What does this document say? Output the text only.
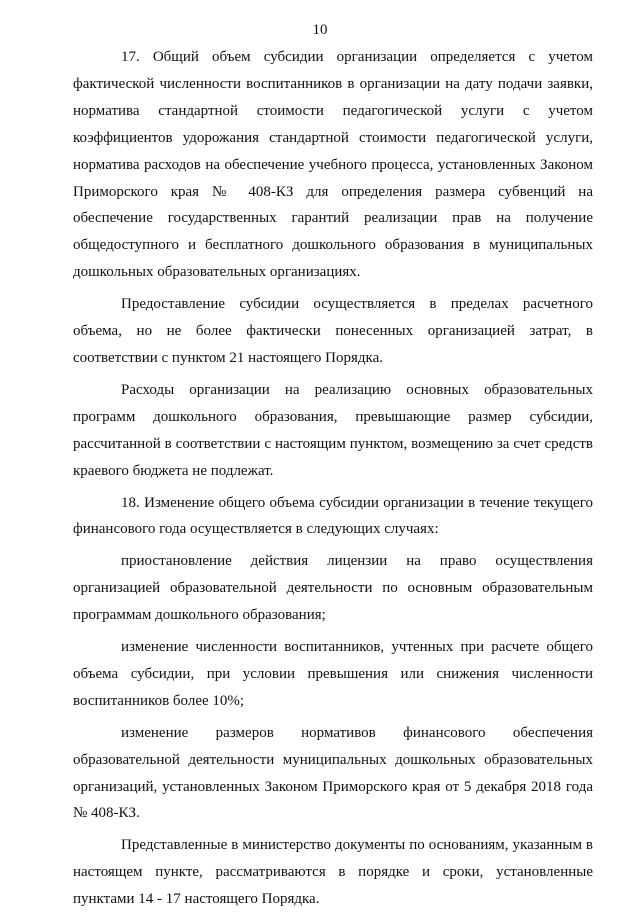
10

17. Общий объем субсидии организации определяется с учетом фактической численности воспитанников в организации на дату подачи заявки, норматива стандартной стоимости педагогической услуги с учетом коэффициентов удорожания стандартной стоимости педагогической услуги, норматива расходов на обеспечение учебного процесса, установленных Законом Приморского края № 408-КЗ для определения размера субвенций на обеспечение государственных гарантий реализации прав на получение общедоступного и бесплатного дошкольного образования в муниципальных дошкольных образовательных организациях.

Предоставление субсидии осуществляется в пределах расчетного объема, но не более фактически понесенных организацией затрат, в соответствии с пунктом 21 настоящего Порядка.

Расходы организации на реализацию основных образовательных программ дошкольного образования, превышающие размер субсидии, рассчитанной в соответствии с настоящим пунктом, возмещению за счет средств краевого бюджета не подлежат.

18. Изменение общего объема субсидии организации в течение текущего финансового года осуществляется в следующих случаях:

приостановление действия лицензии на право осуществления организацией образовательной деятельности по основным образовательным программам дошкольного образования;

изменение численности воспитанников, учтенных при расчете общего объема субсидии, при условии превышения или снижения численности воспитанников более 10%;

изменение размеров нормативов финансового обеспечения образовательной деятельности муниципальных дошкольных образовательных организаций, установленных Законом Приморского края от 5 декабря 2018 года № 408-КЗ.

Представленные в министерство документы по основаниям, указанным в настоящем пункте, рассматриваются в порядке и сроки, установленные пунктами 14 - 17 настоящего Порядка.
